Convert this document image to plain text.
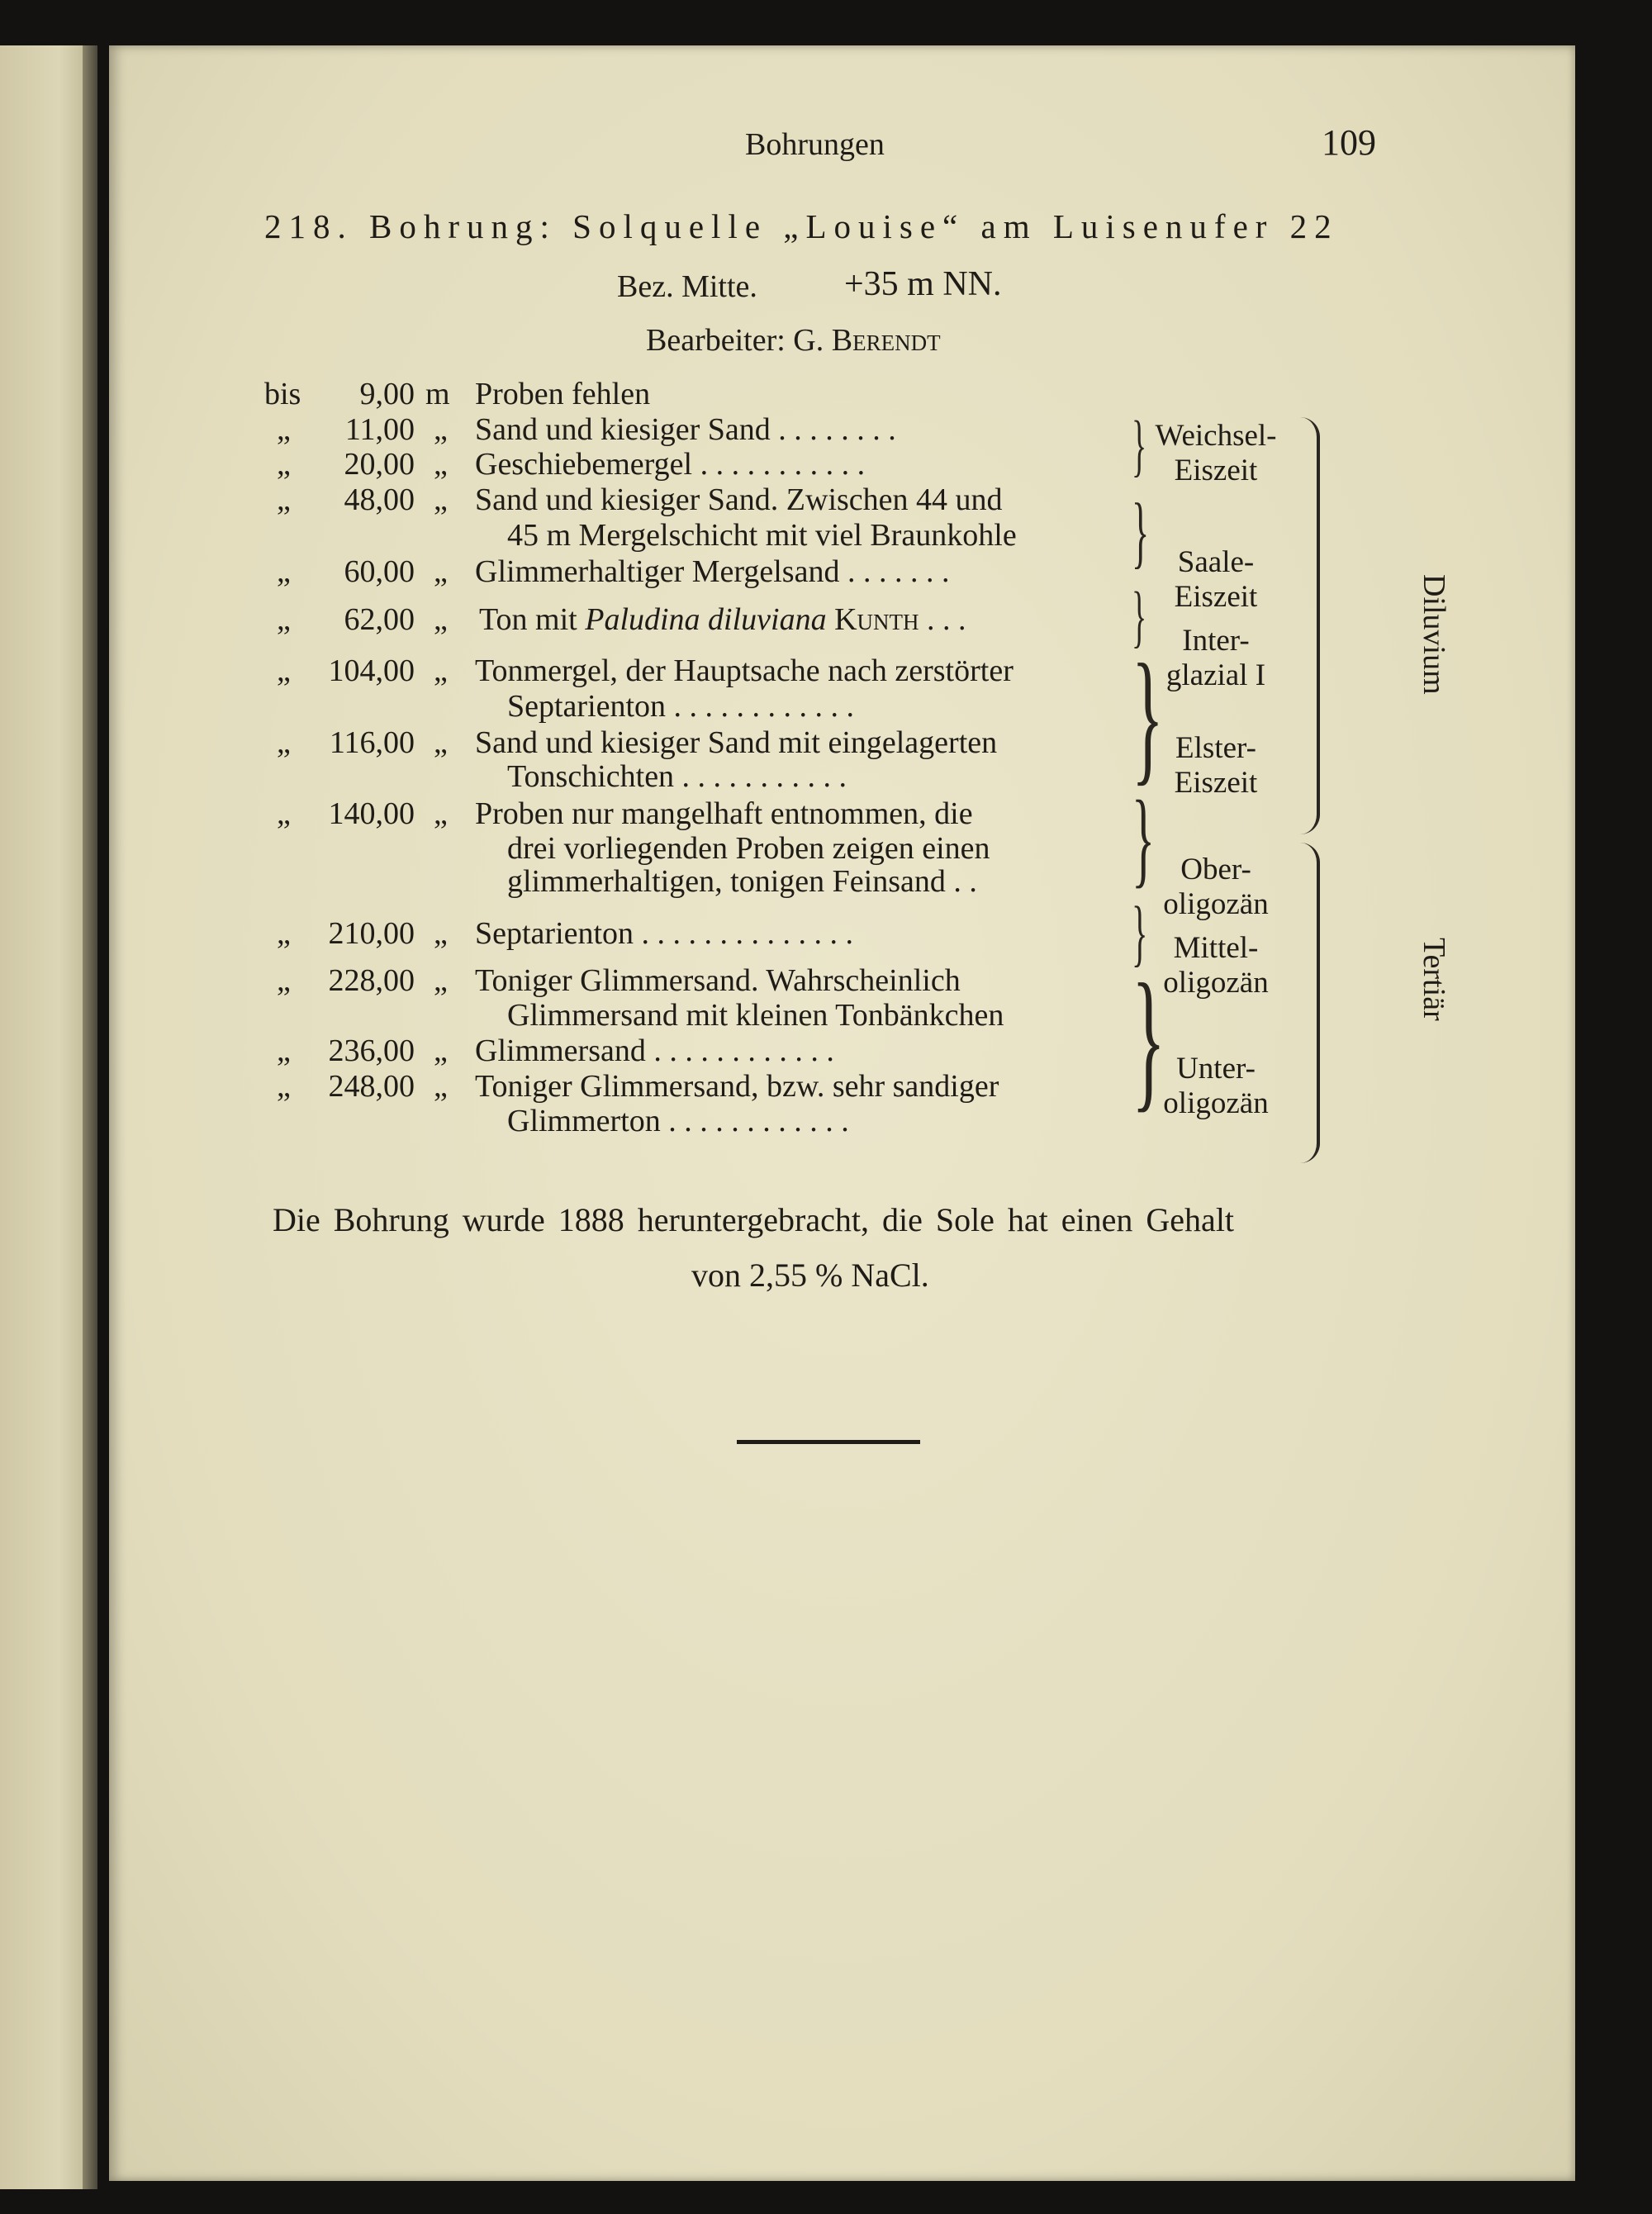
Bohrungen	109
218. Bohrung: Solquelle „Louise“ am Luisenufer 22
Bez. Mitte.	+35 m NN.
Bearbeiter: G. Berendt
bis	9,00 m Proben fehlen
„	11,00 „ Sand und kiesiger Sand . . . . . . . .
„	20,00 „ Geschiebemergel . . . . . . . . . . .
„	48,00 „ Sand und kiesiger Sand. Zwischen 44 und
45 m Mergelschicht mit viel Braunkohle
„	60,00 „ Glimmerhaltiger Mergelsand . . . . . . .
„	62,00 „ Ton mit Paludina diluviana Kunth . . .
„	104,00 „ Tonmergel, der Hauptsache nach zerstörter
Septarienton . . . . . . . . . . . .
„	116,00 „ Sand und kiesiger Sand mit eingelagerten
Tonschichten . . . . . . . . . . .
„	140,00 „ Proben nur mangelhaft entnommen, die
drei vorliegenden Proben zeigen einen
glimmerhaltigen, tonigen Feinsand . .
„	210,00 „ Septarienton . . . . . . . . . . . . . .
„	228,00 „ Toniger Glimmersand. Wahrscheinlich
Glimmersand mit kleinen Tonbänkchen
„	236,00 „ Glimmersand . . . . . . . . . . . .
„	248,00 „ Toniger Glimmersand, bzw. sehr sandiger
Glimmerton . . . . . . . . . . . .
}
}
}
}
}
}
}
Weichsel-
Eiszeit
Saale-
Eiszeit
Inter-
glazial I
Elster-
Eiszeit
Ober-
oligozän
Mittel-
oligozän
Unter-
oligozän
Diluvium
Tertiär
Die Bohrung wurde 1888 heruntergebracht, die Sole hat einen Gehalt
von 2,55 % NaCl.
